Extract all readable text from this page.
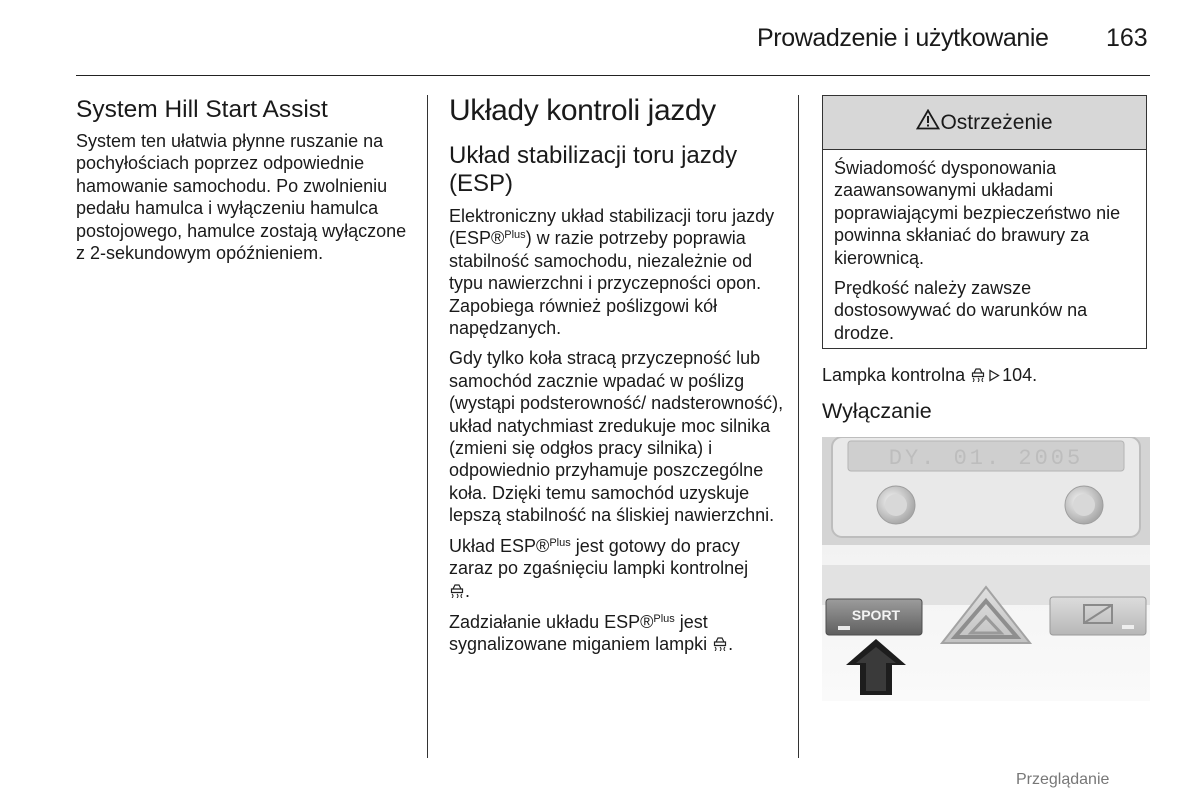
Prowadzenie i użytkowanie 163
System Hill Start Assist

System ten ułatwia płynne ruszanie na pochyłościach poprzez odpowiednie hamowanie samochodu. Po zwolnieniu pedału hamulca i wyłączeniu hamulca postojowego, hamulce zostają wyłączone z 2-sekundowym opóźnieniem.

Układy kontroli jazdy
Układ stabilizacji toru jazdy (ESP)

Elektroniczny układ stabilizacji toru jazdy (ESP®$^{Plus}$) w razie potrzeby poprawia stabilność samochodu, niezależnie od typu nawierzchni i przyczepności opon. Zapobiega również poślizgowi kół napędzanych.

Gdy tylko koła stracą przyczepność lub samochód zacznie wpadać w poślizg (wystąpi podsterowność/ nadsterowność), układ natychmiast zredukuje moc silnika (zmieni się odgłos pracy silnika) i odpowiednio przyhamuje poszczególne koła. Dzięki temu samochód uzyskuje lepszą stabilność na śliskiej nawierzchni.

Układ ESP®$^{Plus}$ jest gotowy do pracy zaraz po zgaśnięciu lampki kontrolnej
.

Zadziałanie układu ESP®$^{Plus}$ jest sygnalizowane miganiem lampki .

Ostrzeżenie

Świadomość dysponowania zaawansowanymi układami poprawiającymi bezpieczeństwo nie powinna skłaniać do brawury za kierownicą.

Prędkość należy zawsze dostosowywać do warunków na drodze.

Lampka kontrolna 104.
Wyłączanie
DY. 01. 2005
SPORT
Przeglądanie
